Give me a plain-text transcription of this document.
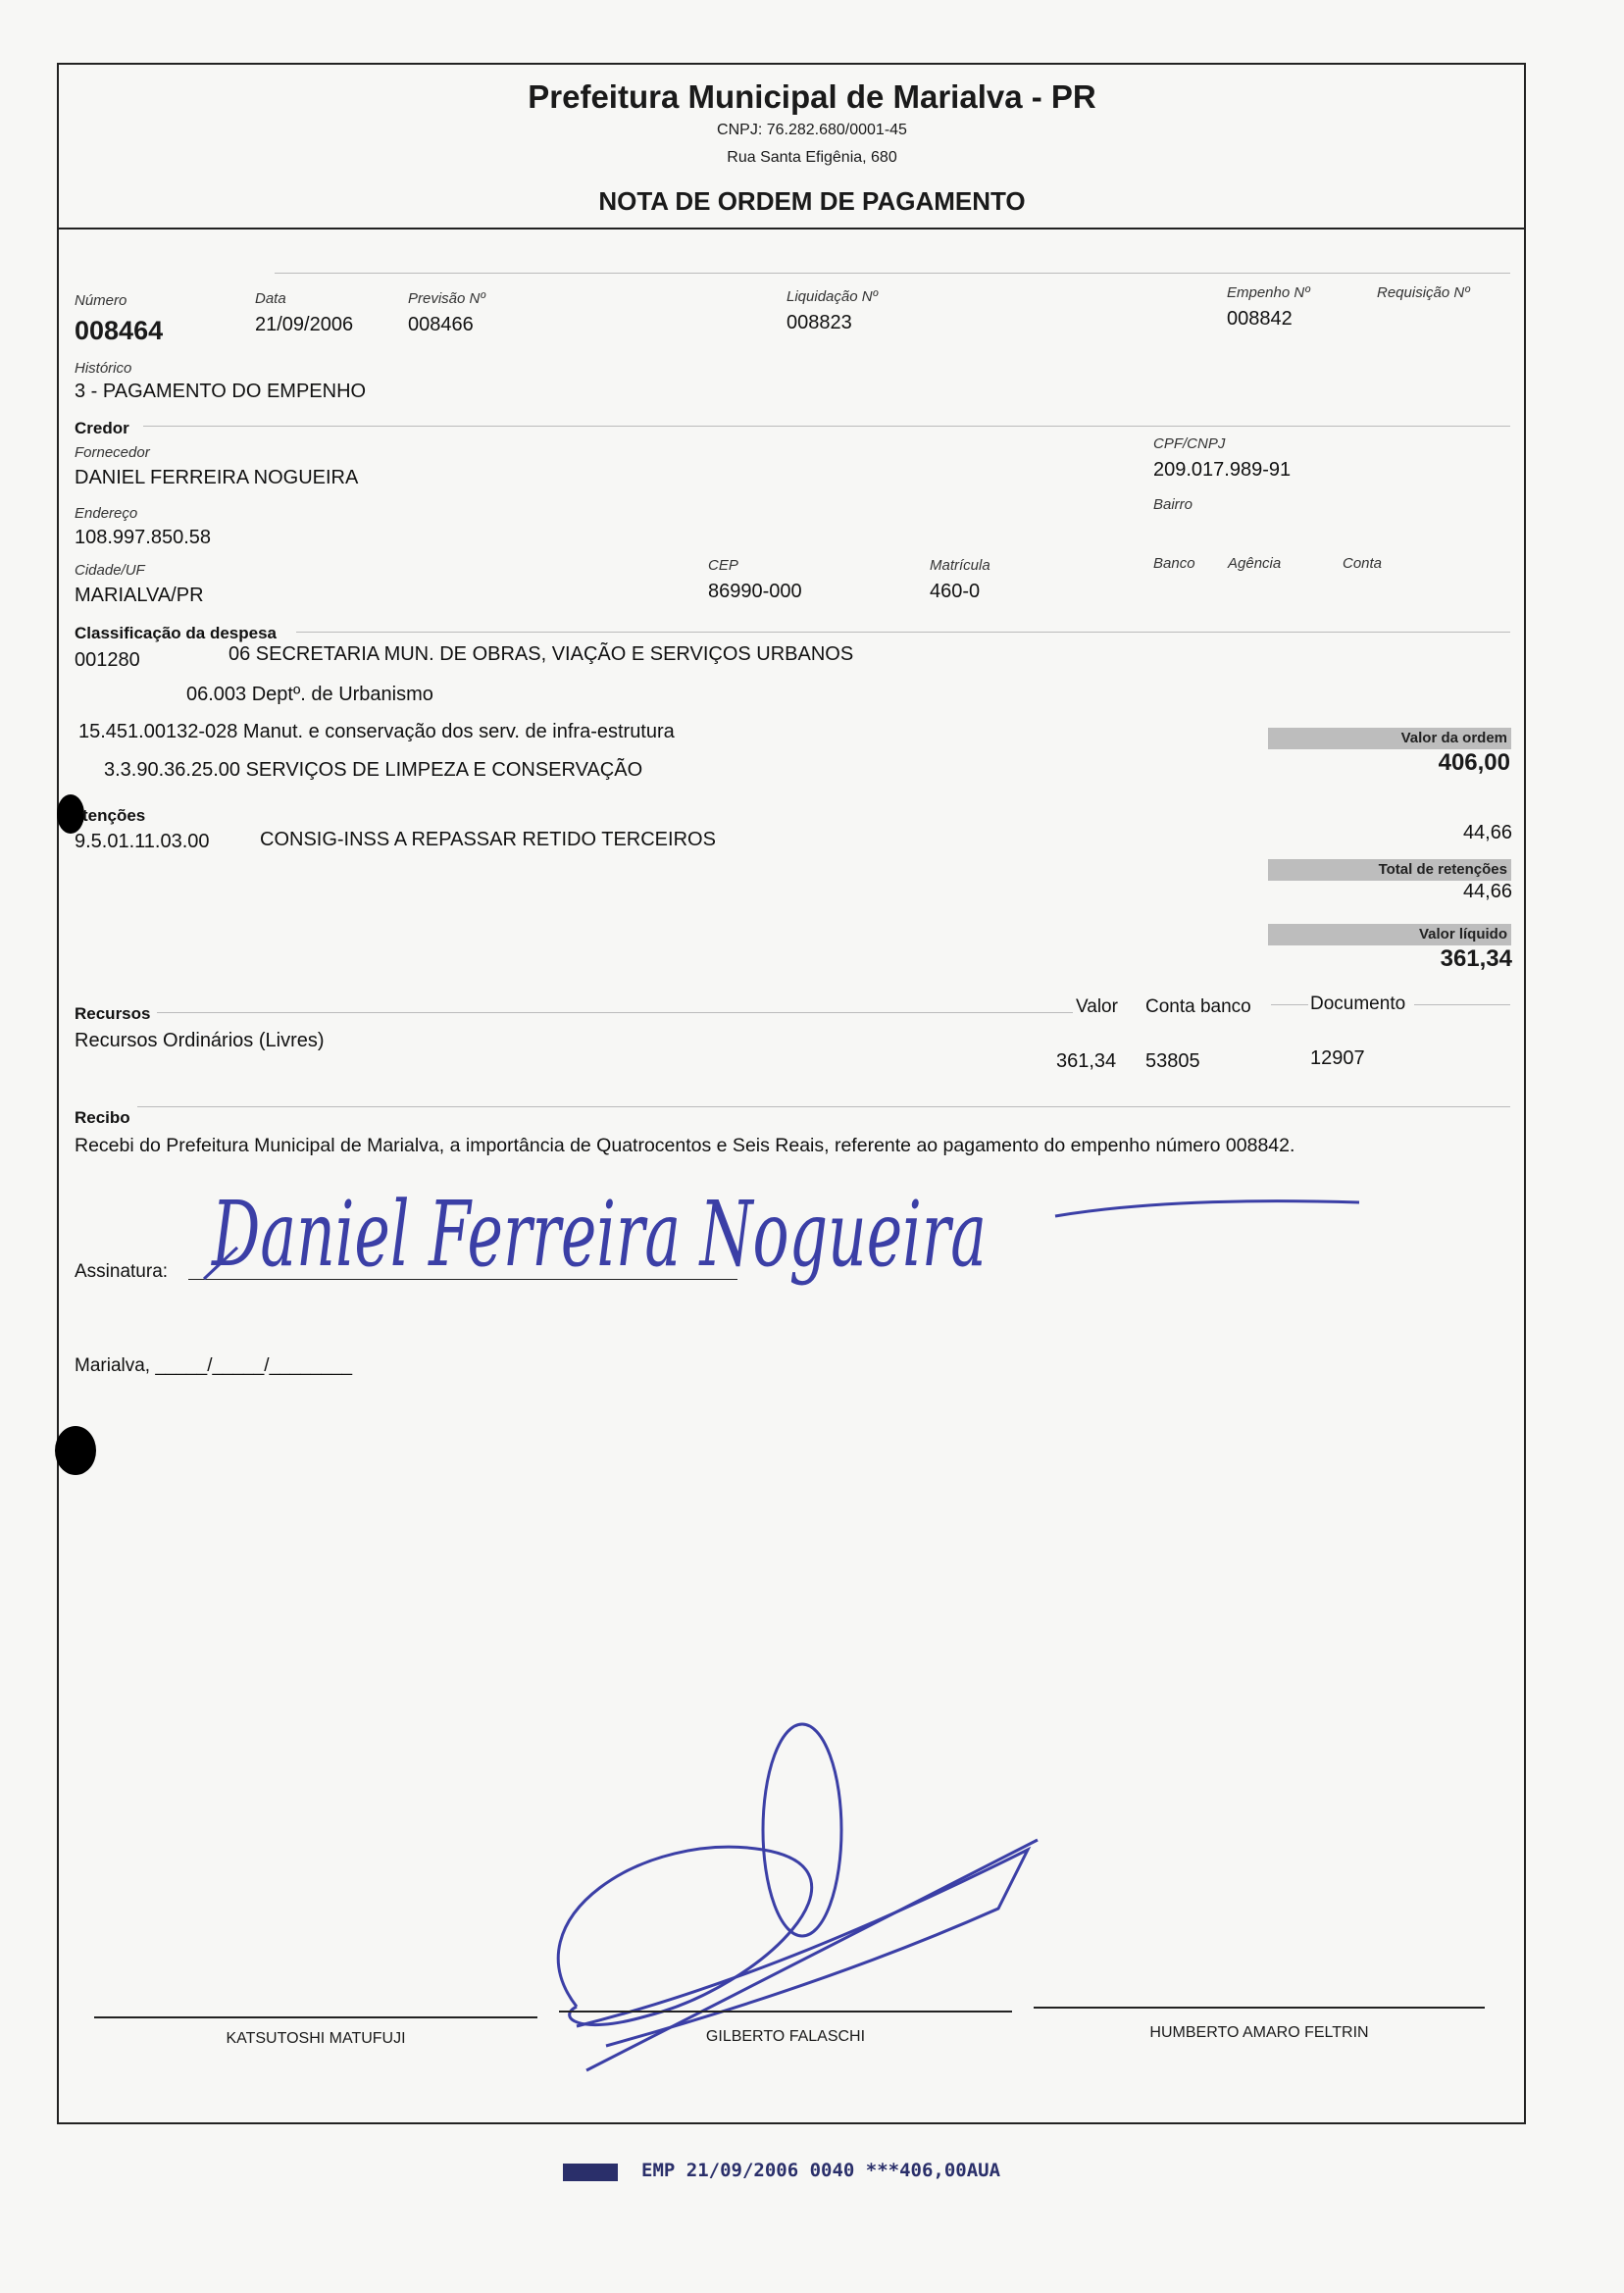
Prefeitura Municipal de Marialva - PR
CNPJ: 76.282.680/0001-45
Rua Santa Efigênia, 680
NOTA DE ORDEM DE PAGAMENTO
Número
008464
Data
21/09/2006
Previsão Nº
008466
Liquidação Nº
008823
Empenho Nº
008842
Requisição Nº
Histórico
3 - PAGAMENTO DO EMPENHO
Credor
Fornecedor
DANIEL FERREIRA NOGUEIRA
CPF/CNPJ
209.017.989-91
Endereço
108.997.850.58
Bairro
Cidade/UF
MARIALVA/PR
CEP
86990-000
Matrícula
460-0
Banco Agência	Conta
Classificação da despesa
001280	06 SECRETARIA MUN. DE OBRAS, VIAÇÃO E SERVIÇOS URBANOS
06.003 Deptº. de Urbanismo
15.451.00132-028 Manut. e conservação dos serv. de infra-estrutura
3.3.90.36.25.00 SERVIÇOS DE LIMPEZA E CONSERVAÇÃO
Valor da ordem
406,00
tenções
9.5.01.11.03.00	CONSIG-INSS A REPASSAR RETIDO TERCEIROS	44,66
Total de retenções
44,66
Valor líquido
361,34
Recursos	Valor Conta banco	Documento
Recursos Ordinários (Livres)
361,34 53805	12907
Recibo
Recebi do Prefeitura Municipal de Marialva, a importância de Quatrocentos e Seis Reais, referente ao pagamento do empenho número 008842.
Assinatura: Daniel Ferreira Nogueira
Marialva, _____/_____/________
KATSUTOSHI MATUFUJI	GILBERTO FALASCHI	HUMBERTO AMARO FELTRIN
EMP 21/09/2006 0040 ***406,00AUA
